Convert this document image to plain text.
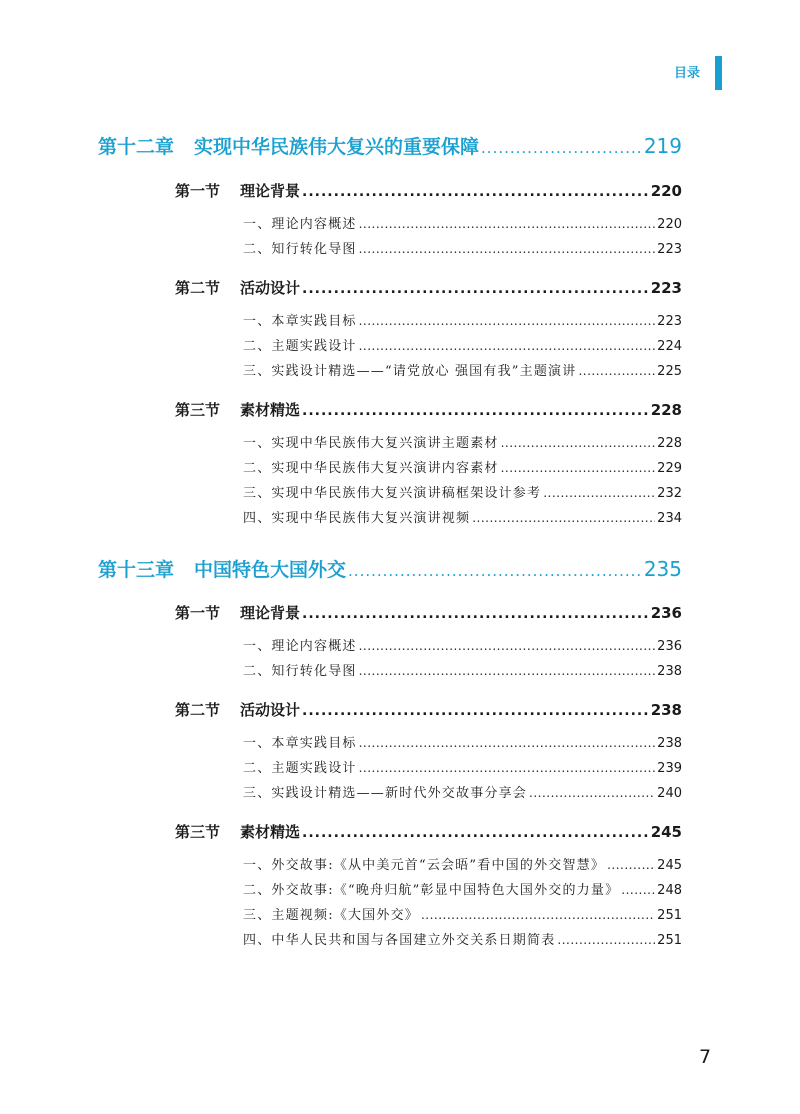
目录
第十二章 实现中华民族伟大复兴的重要保障 .....	219
第一节 理论背景 .....	220
一、理论内容概述 .....	220
二、知行转化导图 .....	223
第二节 活动设计 .....	223
一、本章实践目标 .....	223
二、主题实践设计 .....	224
三、实践设计精选——“请党放心 强国有我”主题演讲 .....	225
第三节 素材精选 .....	228
一、实现中华民族伟大复兴演讲主题素材 .....	228
二、实现中华民族伟大复兴演讲内容素材 .....	229
三、实现中华民族伟大复兴演讲稿框架设计参考 .....	232
四、实现中华民族伟大复兴演讲视频 .....	234
第十三章 中国特色大国外交 .....	235
第一节 理论背景 .....	236
一、理论内容概述 .....	236
二、知行转化导图 .....	238
第二节 活动设计 .....	238
一、本章实践目标 .....	238
二、主题实践设计 .....	239
三、实践设计精选——新时代外交故事分享会 .....	240
第三节 素材精选 .....	245
一、外交故事:《从中美元首“云会晤”看中国的外交智慧》 .....	245
二、外交故事:《“晚舟归航”彰显中国特色大国外交的力量》 .....	248
三、主题视频:《大国外交》 .....	251
四、中华人民共和国与各国建立外交关系日期简表 .....	251
7
